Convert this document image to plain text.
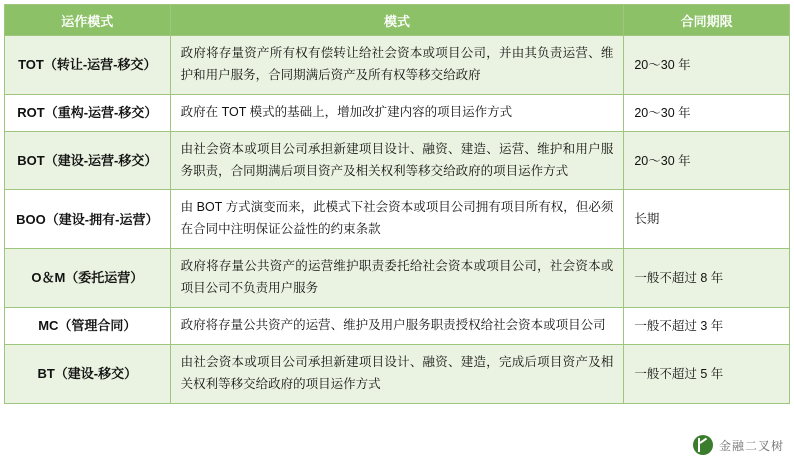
运作模式	模式	合同期限
TOT（转让-运营-移交）	政府将存量资产所有权有偿转让给社会资本或项目公司，并由其负责运营、维护和用户服务，合同期满后资产及所有权等移交给政府	20～30 年
ROT（重构-运营-移交）	政府在 TOT 模式的基础上，增加改扩建内容的项目运作方式	20～30 年
BOT（建设-运营-移交）	由社会资本或项目公司承担新建项目设计、融资、建造、运营、维护和用户服务职责，合同期满后项目资产及相关权利等移交给政府的项目运作方式	20～30 年
BOO（建设-拥有-运营）	由 BOT 方式演变而来，此模式下社会资本或项目公司拥有项目所有权，但必须在合同中注明保证公益性的约束条款	长期
O＆M（委托运营）	政府将存量公共资产的运营维护职责委托给社会资本或项目公司，社会资本或项目公司不负责用户服务	一般不超过 8 年
MC（管理合同）	政府将存量公共资产的运营、维护及用户服务职责授权给社会资本或项目公司	一般不超过 3 年
BT（建设-移交）	由社会资本或项目公司承担新建项目设计、融资、建造，完成后项目资产及相关权利等移交给政府的项目运作方式	一般不超过 5 年
金融二叉树
